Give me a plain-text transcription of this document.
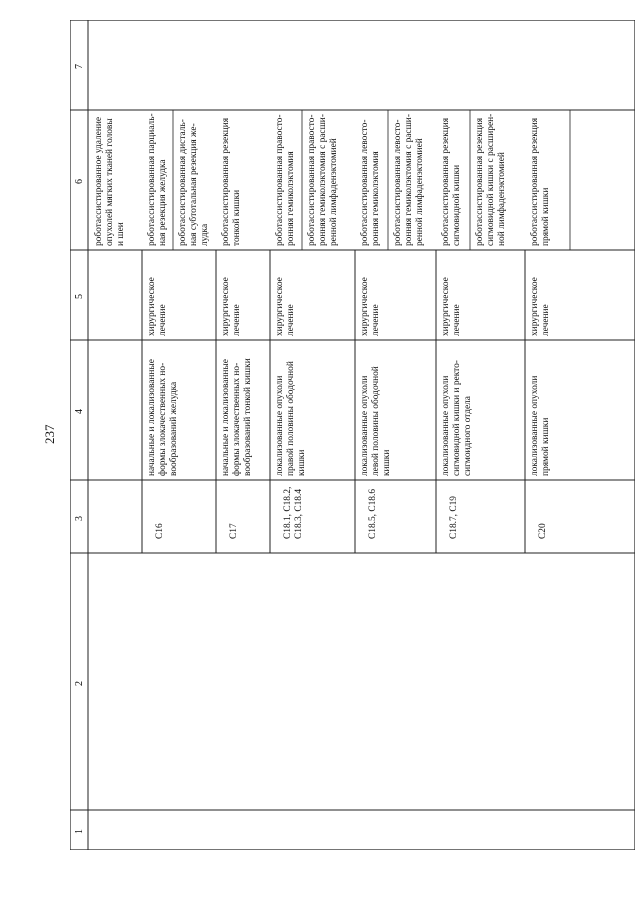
237
1
2
3
4
5
6
7
роботассистированное удаление
опухолей мягких тканей головы
и шеи
C16
начальные и локализованные
формы злокачественных но-
вообразований желудка
хирургическое
лечение
роботассистированная парциаль-
ная резекция желудка роботассистированная дисталь-
ная субтотальная резекция же-
лудка
C17
начальные и локализованные
формы злокачественных но-
вообразований тонкой кишки
хирургическое
лечение
роботассистированная резекция
тонкой кишки
C18.1, C18.2,
C18.3, C18.4
локализованные опухоли
правой половины ободочной
кишки
хирургическое
лечение
роботассистированная правосто-
ронняя гемиколэктомия роботассистированная правосто-
ронняя гемиколэктомия с расши-
ренной лимфаденэктомией
C18.5, C18.6
локализованные опухоли
левой половины ободочной
кишки
хирургическое
лечение
роботассистированная левосто-
ронняя гемиколэктомия роботассистированная левосто-
ронняя гемиколэктомия с расши-
ренной лимфаденэктомией
C18.7, C19
локализованные опухоли
сигмовидной кишки и ректо-
сигмоидного отдела
хирургическое
лечение
роботассистированная резекция
сигмовидной кишки роботассистированная резекция
сигмовидной кишки с расширен-
ной лимфаденэктомией
C20
локализованные опухоли
прямой кишки
хирургическое
лечение
роботассистированная резекция
прямой кишки
